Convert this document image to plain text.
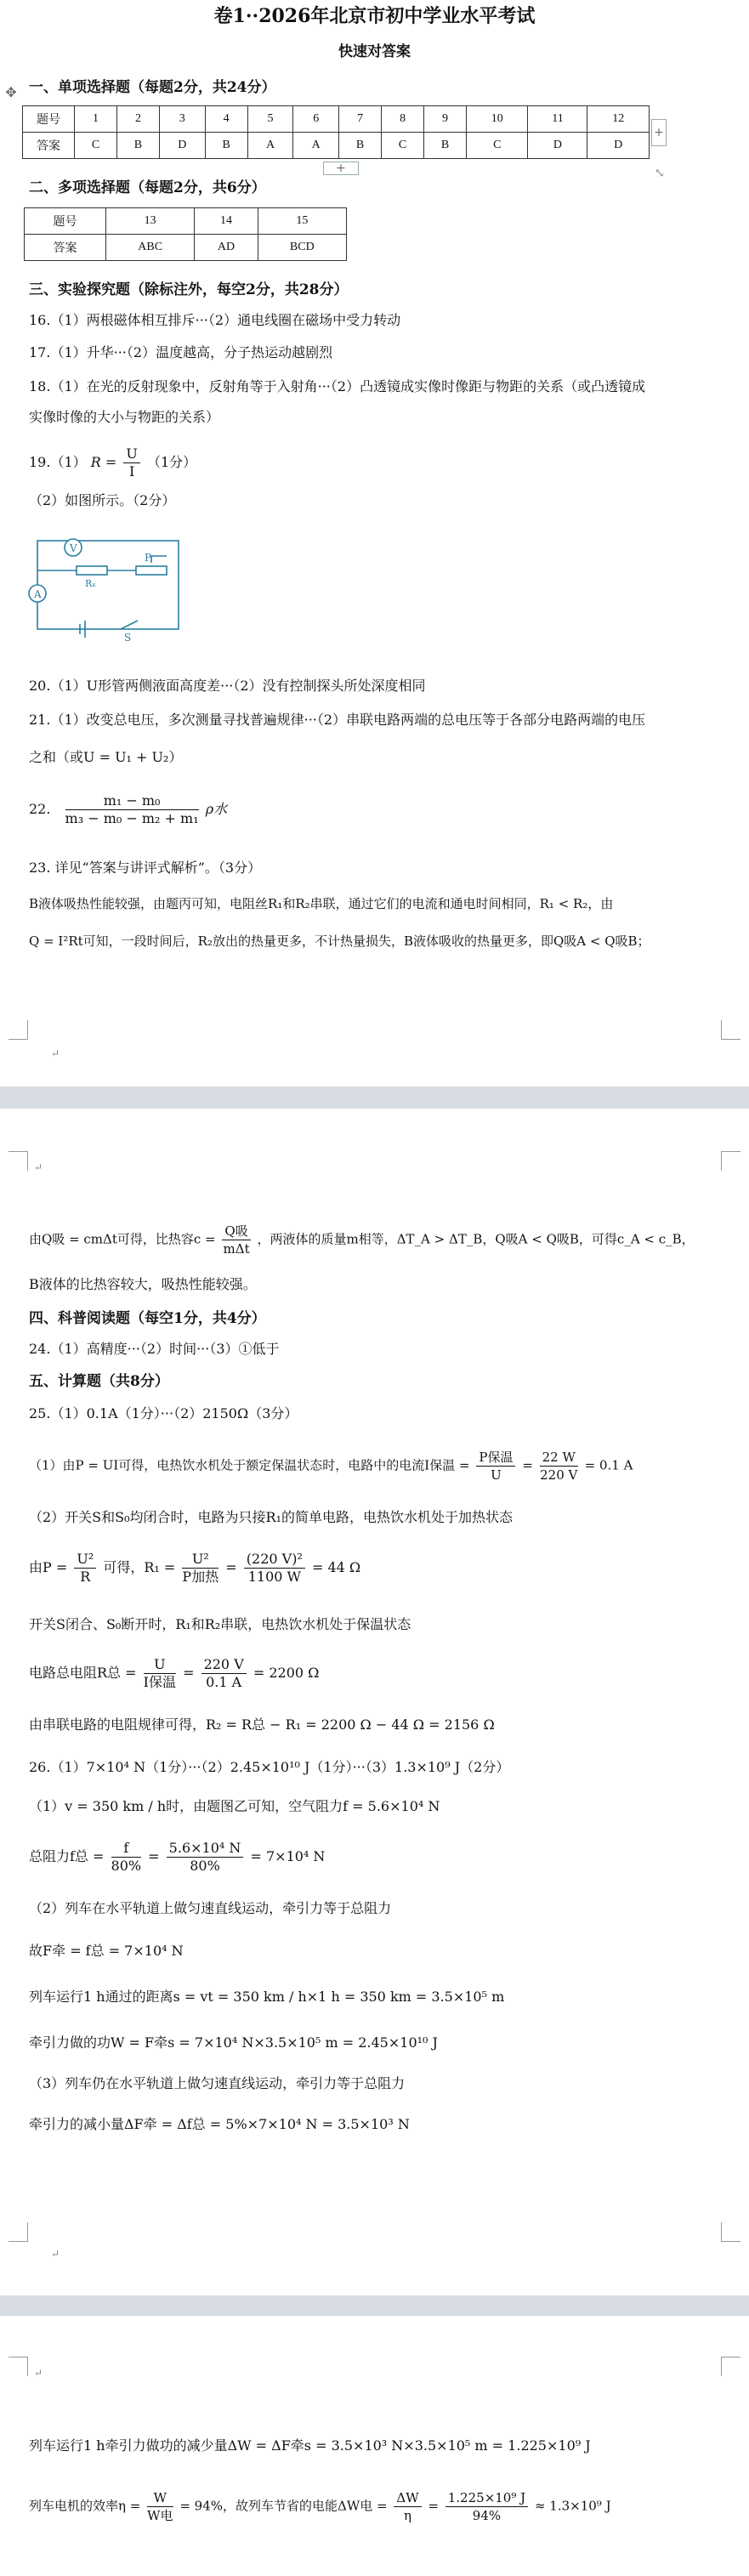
卷1··2026年北京市初中学业水平考试
快速对答案
✥ 一、单项选择题（每题2分，共24分）
题号	1	2	3	4	5	6	7	8	9	10	11	12
答案	C	B	D	B	A	A	B	C	B	C	D	D
+
+	⤡
二、多项选择题（每题2分，共6分）
题号	13	14	15
答案	ABC	AD	BCD
三、实验探究题（除标注外，每空2分，共28分）
16.（1）两根磁体相互排斥···（2）通电线圈在磁场中受力转动
17.（1）升华···（2）温度越高，分子热运动越剧烈
18.（1）在光的反射现象中，反射角等于入射角···（2）凸透镜成实像时像距与物距的关系（或凸透镜成
实像时像的大小与物距的关系）
19.（1） $R = \frac{U}{I} (1$分）
（2）如图所示。（2分）
V
A
P
Rₓ
S
20.（1）U形管两侧液面高度差···（2）没有控制探头所处深度相同
21.（1）改变总电压，多次测量寻找普遍规律···（2）串联电路两端的总电压等于各部分电路两端的电压
之和（或U = U₁ + U₂）
22. $\frac{\text{m₁ − m₀}}{\text{m₃ − m₀ − m₂ + m₁}}$ ρ水
23. 详见“答案与讲评式解析”。（3分）
B液体吸热性能较强，由题丙可知，电阻丝R₁和R₂串联，通过它们的电流和通电时间相同，R₁ < R₂，由
Q = I²Rt可知，一段时间后，R₂放出的热量更多，不计热量损失，B液体吸收的热量更多，即Q吸A < Q吸B；
↵
↵
由Q吸 = cmΔt可得，比热容$c = \frac{\text{Q吸}}{\text{mΔt}}$ ，两液体的质量m相等，ΔT_A > ΔT_B，Q吸A < Q吸B，可得c_A < c_B，
B液体的比热容较大，吸热性能较强。
四、科普阅读题（每空1分，共4分）
24.（1）高精度···（2）时间···（3）①低于
五、计算题（共8分）
25.（1）0.1A（1分）···（2）2150Ω（3分）
（1）由P = UI可得，电热饮水机处于额定保温状态时，电路中的电流I保温 = $\frac{\text{P保温}}{U} = \frac{22 W}{220 V} = 0.1$ A
（2）开关S和S₀均闭合时，电路为只接R₁的简单电路，电热饮水机处于加热状态
由$P = \frac{\text{U²}}{R}$ 可得，$R_1 = \frac{\text{U²}}{\text{P加热}} = \frac{\text{(220 V)²}}{1100 W} = 44$ Ω
开关S闭合、S₀断开时，R₁和R₂串联，电热饮水机处于保温状态
电路总电阻R总 = $\frac{U}{\text{I保温}} = \frac{220 V}{0.1 A} = 2200$ Ω
由串联电路的电阻规律可得，R₂ = R总 − R₁ = 2200 Ω − 44 Ω = 2156 Ω
26.（1）7×10⁴ N（1分）···（2）2.45×10¹⁰ J（1分）···（3）1.3×10⁹ J（2分）
（1）v = 350 km / h时，由题图乙可知，空气阻力f = 5.6×10⁴ N
总阻力f总 = $\frac{f}{80\%} = \frac{\text{5.6×10⁴ N}}{80\%} = 7\times 10^4$ N
（2）列车在水平轨道上做匀速直线运动，牵引力等于总阻力
故F牵 = f总 = 7×10⁴ N
列车运行1 h通过的距离s = vt = 350 km / h×1 h = 350 km = 3.5×10⁵ m
牵引力做的功W = F牵s = 7×10⁴ N×3.5×10⁵ m = 2.45×10¹⁰ J
（3）列车仍在水平轨道上做匀速直线运动，牵引力等于总阻力
牵引力的减小量ΔF牵 = Δf总 = 5%×7×10⁴ N = 3.5×10³ N
↵
↵
列车运行1 h牵引力做功的减少量ΔW = ΔF牵s = 3.5×10³ N×3.5×10⁵ m = 1.225×10⁹ J
列车电机的效率$\eta = \frac{W}{\text{W电}} = 94\%$，故列车节省的电能ΔW电 = $\frac{\Delta W}{\eta} = \frac{\text{1.225×10⁹ J}}{94\%} \approx 1.3\times 10^9$ J
